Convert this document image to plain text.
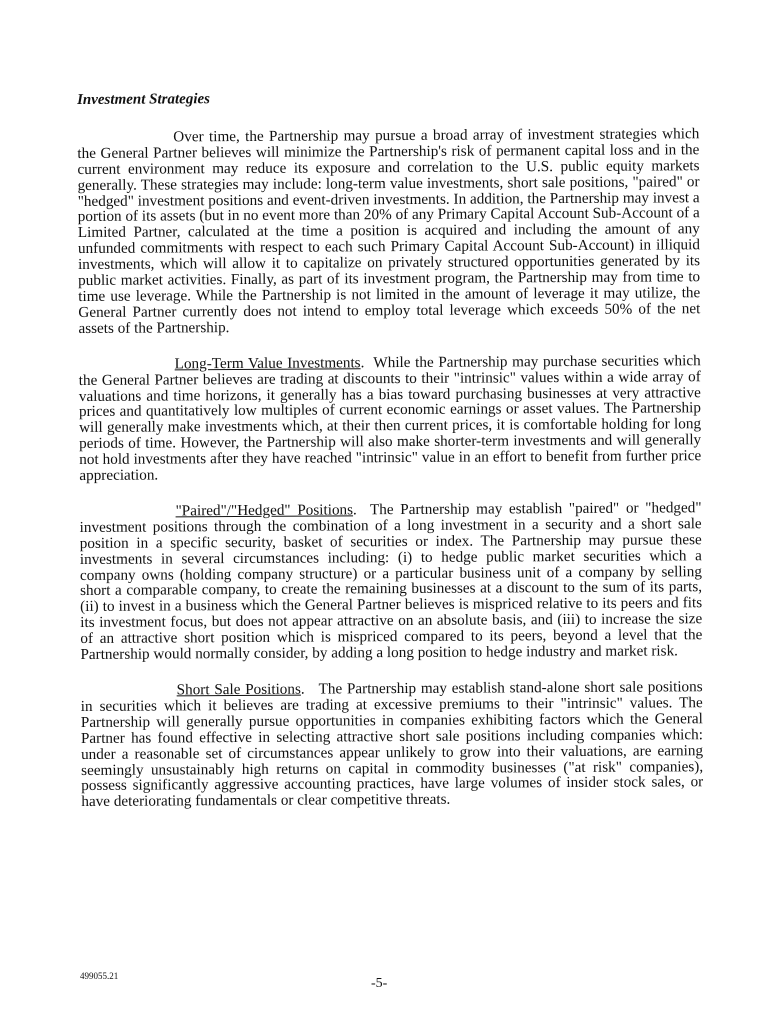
Investment Strategies

Over time, the Partnership may pursue a broad array of investment strategies which the General Partner believes will minimize the Partnership's risk of permanent capital loss and in the current environment may reduce its exposure and correlation to the U.S. public equity markets generally. These strategies may include: long-term value investments, short sale positions, "paired" or "hedged" investment positions and event-driven investments. In addition, the Partnership may invest a portion of its assets (but in no event more than 20% of any Primary Capital Account Sub-Account of a Limited Partner, calculated at the time a position is acquired and including the amount of any unfunded commitments with respect to each such Primary Capital Account Sub-Account) in illiquid investments, which will allow it to capitalize on privately structured opportunities generated by its public market activities. Finally, as part of its investment program, the Partnership may from time to time use leverage. While the Partnership is not limited in the amount of leverage it may utilize, the General Partner currently does not intend to employ total leverage which exceeds 50% of the net assets of the Partnership.

Long-Term Value Investments.  While the Partnership may purchase securities which the General Partner believes are trading at discounts to their "intrinsic" values within a wide array of valuations and time horizons, it generally has a bias toward purchasing businesses at very attractive prices and quantitatively low multiples of current economic earnings or asset values. The Partnership will generally make investments which, at their then current prices, it is comfortable holding for long periods of time. However, the Partnership will also make shorter-term investments and will generally not hold investments after they have reached "intrinsic" value in an effort to benefit from further price appreciation.

"Paired"/"Hedged" Positions.  The Partnership may establish "paired" or "hedged" investment positions through the combination of a long investment in a security and a short sale position in a specific security, basket of securities or index. The Partnership may pursue these investments in several circumstances including: (i) to hedge public market securities which a company owns (holding company structure) or a particular business unit of a company by selling short a comparable company, to create the remaining businesses at a discount to the sum of its parts, (ii) to invest in a business which the General Partner believes is mispriced relative to its peers and fits its investment focus, but does not appear attractive on an absolute basis, and (iii) to increase the size of an attractive short position which is mispriced compared to its peers, beyond a level that the Partnership would normally consider, by adding a long position to hedge industry and market risk.

Short Sale Positions.   The Partnership may establish stand-alone short sale positions in securities which it believes are trading at excessive premiums to their "intrinsic" values. The Partnership will generally pursue opportunities in companies exhibiting factors which the General Partner has found effective in selecting attractive short sale positions including companies which: under a reasonable set of circumstances appear unlikely to grow into their valuations, are earning seemingly unsustainably high returns on capital in commodity businesses ("at risk" companies), possess significantly aggressive accounting practices, have large volumes of insider stock sales, or have deteriorating fundamentals or clear competitive threats.

499055.21	-5-
